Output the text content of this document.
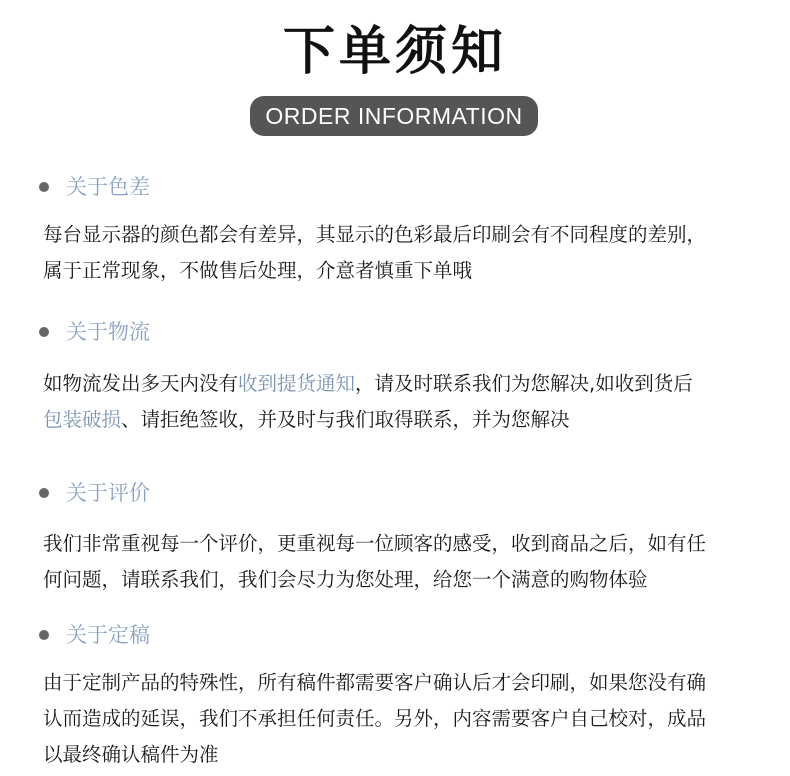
下单须知
ORDER INFORMATION
关于色差
每台显示器的颜色都会有差异，其显示的色彩最后印刷会有不同程度的差别，
属于正常现象，不做售后处理，介意者慎重下单哦
关于物流
如物流发出多天内没有收到提货通知，请及时联系我们为您解决,如收到货后
包装破损、请拒绝签收，并及时与我们取得联系，并为您解决
关于评价
我们非常重视每一个评价，更重视每一位顾客的感受，收到商品之后，如有任
何问题，请联系我们，我们会尽力为您处理，给您一个满意的购物体验
关于定稿
由于定制产品的特殊性，所有稿件都需要客户确认后才会印刷，如果您没有确
认而造成的延误，我们不承担任何责任。另外，内容需要客户自己校对，成品
以最终确认稿件为准
